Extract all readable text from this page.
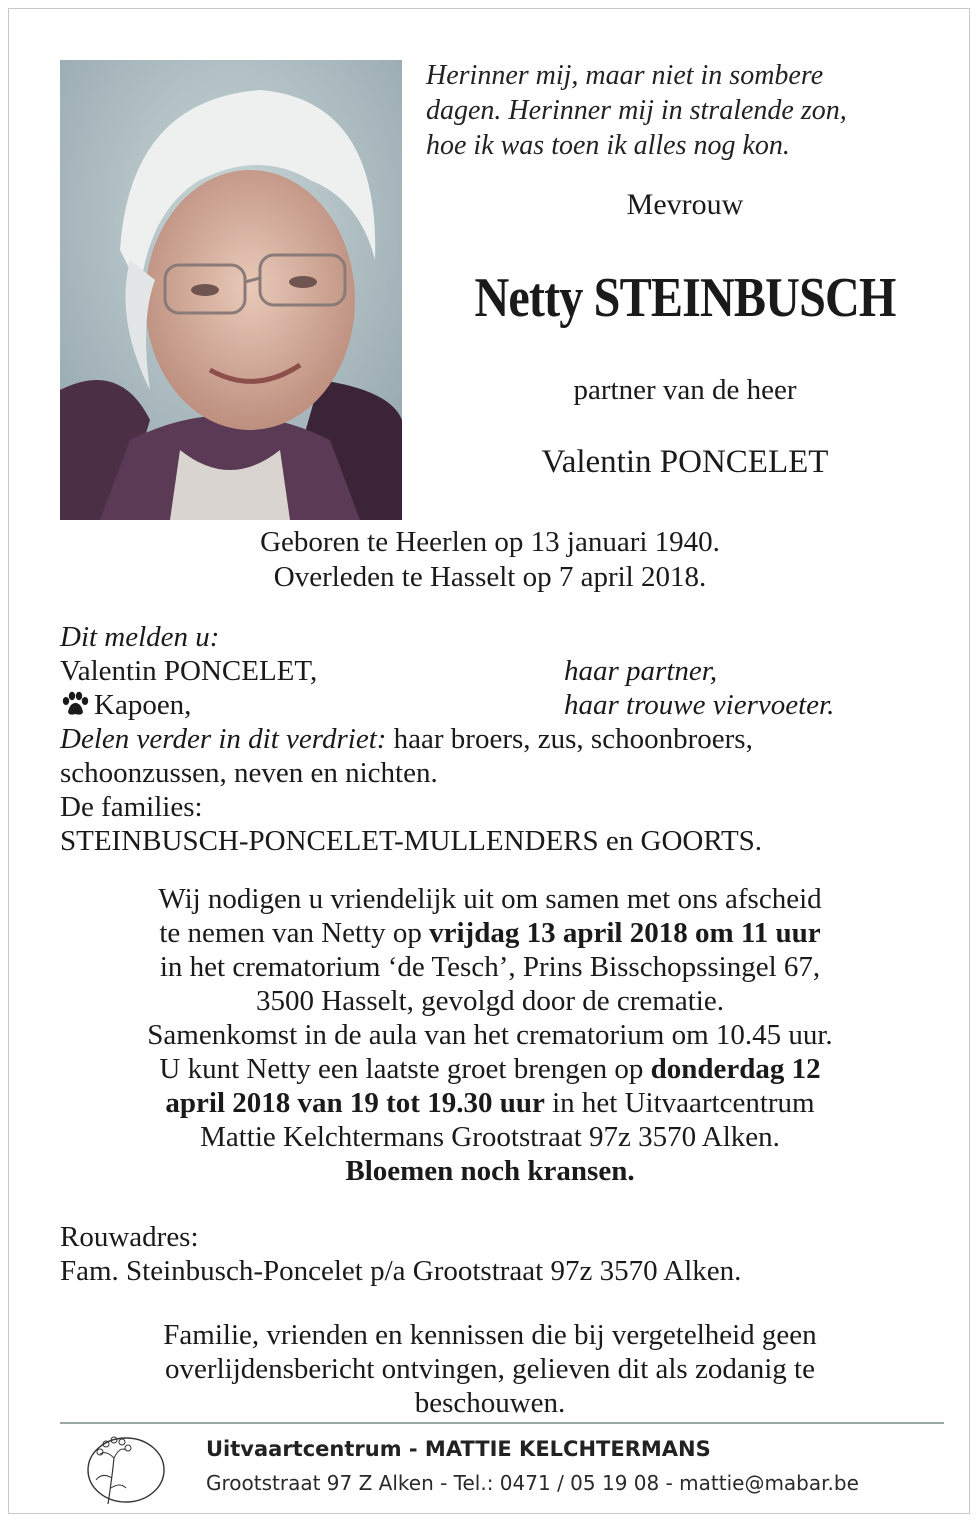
Herinner mij, maar niet in sombere
dagen. Herinner mij in stralende zon,
hoe ik was toen ik alles nog kon.
Mevrouw
Netty STEINBUSCH
partner van de heer
Valentin PONCELET
Geboren te Heerlen op 13 januari 1940.
Overleden te Hasselt op 7 april 2018.
Dit melden u:
Valentin PONCELET,	haar partner,
Kapoen,	haar trouwe viervoeter.
Delen verder in dit verdriet: haar broers, zus, schoonbroers,
schoonzussen, neven en nichten.
De families:
STEINBUSCH-PONCELET-MULLENDERS en GOORTS.
Wij nodigen u vriendelijk uit om samen met ons afscheid
te nemen van Netty op vrijdag 13 april 2018 om 11 uur
in het crematorium ‘de Tesch’, Prins Bisschopssingel 67,
3500 Hasselt, gevolgd door de crematie.
Samenkomst in de aula van het crematorium om 10.45 uur.
U kunt Netty een laatste groet brengen op donderdag 12
april 2018 van 19 tot 19.30 uur in het Uitvaartcentrum
Mattie Kelchtermans Grootstraat 97z 3570 Alken.
Bloemen noch kransen.
Rouwadres:
Fam. Steinbusch-Poncelet p/a Grootstraat 97z 3570 Alken.
Familie, vrienden en kennissen die bij vergetelheid geen
overlijdensbericht ontvingen, gelieven dit als zodanig te
beschouwen.
Uitvaartcentrum - MATTIE KELCHTERMANS
Grootstraat 97 Z Alken - Tel.: 0471 / 05 19 08 - mattie@mabar.be
